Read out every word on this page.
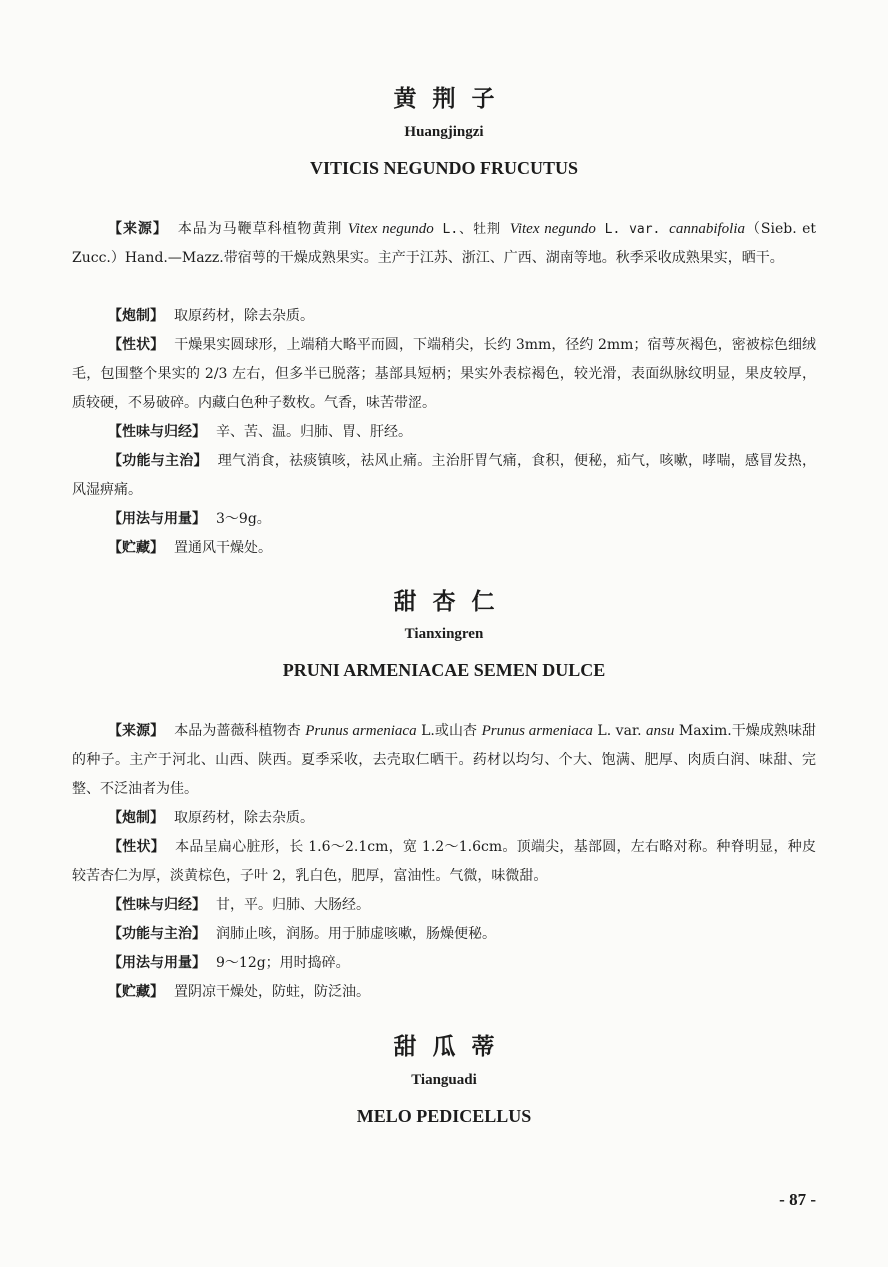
黄荆子
Huangjingzi
VITICIS NEGUNDO FRUCUTUS
【来源】 本品为马鞭草科植物黄荆 Vitex negundo L.、牡荆 Vitex negundo L. var. cannabifolia（Sieb. et Zucc.）Hand.—Mazz.带宿萼的干燥成熟果实。主产于江苏、浙江、广西、湖南等地。秋季采收成熟果实，晒干。
【炮制】 取原药材，除去杂质。
【性状】 干燥果实圆球形，上端稍大略平而圆，下端稍尖，长约 3mm，径约 2mm；宿萼灰褐色，密被棕色细绒毛，包围整个果实的 2/3 左右，但多半已脱落；基部具短柄；果实外表棕褐色，较光滑，表面纵脉纹明显，果皮较厚，质较硬，不易破碎。内藏白色种子数枚。气香，味苦带涩。
【性味与归经】 辛、苦、温。归肺、胃、肝经。
【功能与主治】 理气消食，祛痰镇咳，祛风止痛。主治肝胃气痛，食积，便秘，疝气，咳嗽，哮喘，感冒发热，风湿痹痛。
【用法与用量】 3～9g。
【贮藏】 置通风干燥处。
甜杏仁
Tianxingren
PRUNI ARMENIACAE SEMEN DULCE
【来源】 本品为蔷薇科植物杏 Prunus armeniaca L.或山杏 Prunus armeniaca L. var. ansu Maxim.干燥成熟味甜的种子。主产于河北、山西、陕西。夏季采收，去壳取仁晒干。药材以均匀、个大、饱满、肥厚、肉质白润、味甜、完整、不泛油者为佳。
【炮制】 取原药材，除去杂质。
【性状】 本品呈扁心脏形，长 1.6～2.1cm，宽 1.2～1.6cm。顶端尖，基部圆，左右略对称。种脊明显，种皮较苦杏仁为厚，淡黄棕色，子叶 2，乳白色，肥厚，富油性。气微，味微甜。
【性味与归经】 甘，平。归肺、大肠经。
【功能与主治】 润肺止咳，润肠。用于肺虚咳嗽，肠燥便秘。
【用法与用量】 9～12g；用时捣碎。
【贮藏】 置阴凉干燥处，防蛀，防泛油。
甜瓜蒂
Tianguadi
MELO PEDICELLUS
- 87 -
